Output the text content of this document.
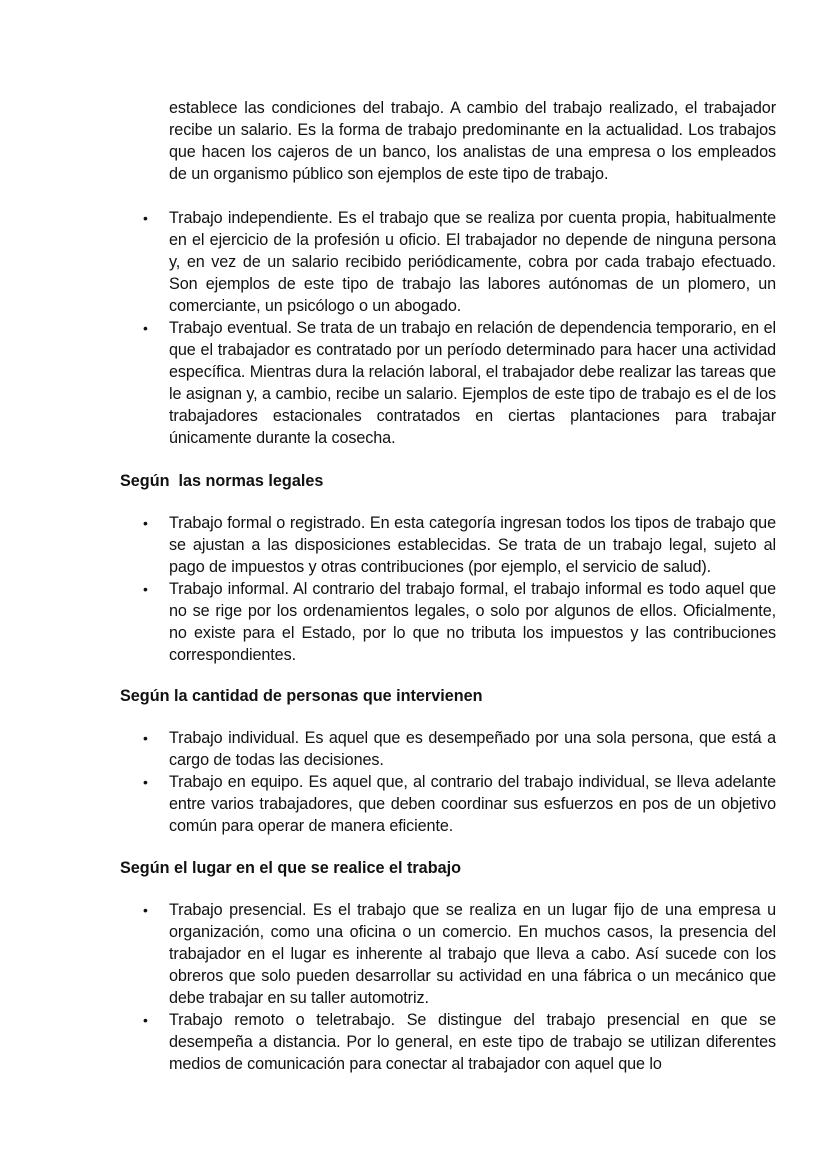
establece las condiciones del trabajo. A cambio del trabajo realizado, el trabajador recibe un salario. Es la forma de trabajo predominante en la actualidad. Los trabajos que hacen los cajeros de un banco, los analistas de una empresa o los empleados de un organismo público son ejemplos de este tipo de trabajo.
• Trabajo independiente. Es el trabajo que se realiza por cuenta propia, habitualmente en el ejercicio de la profesión u oficio. El trabajador no depende de ninguna persona y, en vez de un salario recibido periódicamente, cobra por cada trabajo efectuado. Son ejemplos de este tipo de trabajo las labores autónomas de un plomero, un comerciante, un psicólogo o un abogado.
• Trabajo eventual. Se trata de un trabajo en relación de dependencia temporario, en el que el trabajador es contratado por un período determinado para hacer una actividad específica. Mientras dura la relación laboral, el trabajador debe realizar las tareas que le asignan y, a cambio, recibe un salario. Ejemplos de este tipo de trabajo es el de los trabajadores estacionales contratados en ciertas plantaciones para trabajar únicamente durante la cosecha.
Según  las normas legales
• Trabajo formal o registrado. En esta categoría ingresan todos los tipos de trabajo que se ajustan a las disposiciones establecidas. Se trata de un trabajo legal, sujeto al pago de impuestos y otras contribuciones (por ejemplo, el servicio de salud).
• Trabajo informal. Al contrario del trabajo formal, el trabajo informal es todo aquel que no se rige por los ordenamientos legales, o solo por algunos de ellos. Oficialmente, no existe para el Estado, por lo que no tributa los impuestos y las contribuciones correspondientes.
Según la cantidad de personas que intervienen
• Trabajo individual. Es aquel que es desempeñado por una sola persona, que está a cargo de todas las decisiones.
• Trabajo en equipo. Es aquel que, al contrario del trabajo individual, se lleva adelante entre varios trabajadores, que deben coordinar sus esfuerzos en pos de un objetivo común para operar de manera eficiente.
Según el lugar en el que se realice el trabajo
• Trabajo presencial. Es el trabajo que se realiza en un lugar fijo de una empresa u organización, como una oficina o un comercio. En muchos casos, la presencia del trabajador en el lugar es inherente al trabajo que lleva a cabo. Así sucede con los obreros que solo pueden desarrollar su actividad en una fábrica o un mecánico que debe trabajar en su taller automotriz.
• Trabajo remoto o teletrabajo. Se distingue del trabajo presencial en que se desempeña a distancia. Por lo general, en este tipo de trabajo se utilizan diferentes medios de comunicación para conectar al trabajador con aquel que lo
